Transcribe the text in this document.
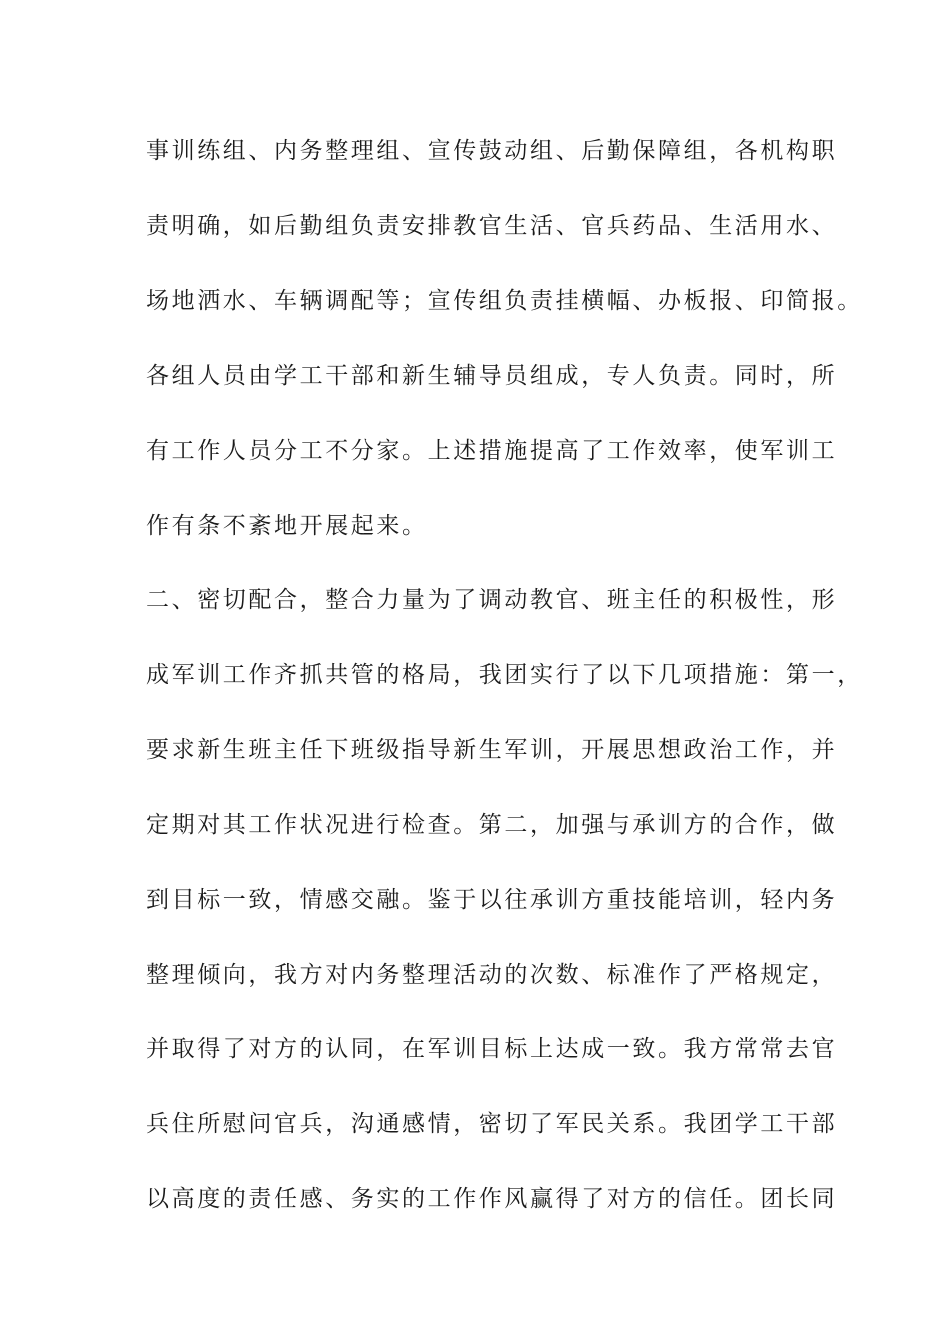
事训练组、内务整理组、宣传鼓动组、后勤保障组，各机构职
责明确，如后勤组负责安排教官生活、官兵药品、生活用水、
场地洒水、车辆调配等；宣传组负责挂横幅、办板报、印简报。
各组人员由学工干部和新生辅导员组成，专人负责。同时，所
有工作人员分工不分家。上述措施提高了工作效率，使军训工
作有条不紊地开展起来。
二、密切配合，整合力量为了调动教官、班主任的积极性，形
成军训工作齐抓共管的格局，我团实行了以下几项措施：第一，
要求新生班主任下班级指导新生军训，开展思想政治工作，并
定期对其工作状况进行检查。第二，加强与承训方的合作，做
到目标一致，情感交融。鉴于以往承训方重技能培训，轻内务
整理倾向，我方对内务整理活动的次数、标准作了严格规定，
并取得了对方的认同，在军训目标上达成一致。我方常常去官
兵住所慰问官兵，沟通感情，密切了军民关系。我团学工干部
以高度的责任感、务实的工作作风赢得了对方的信任。团长同
